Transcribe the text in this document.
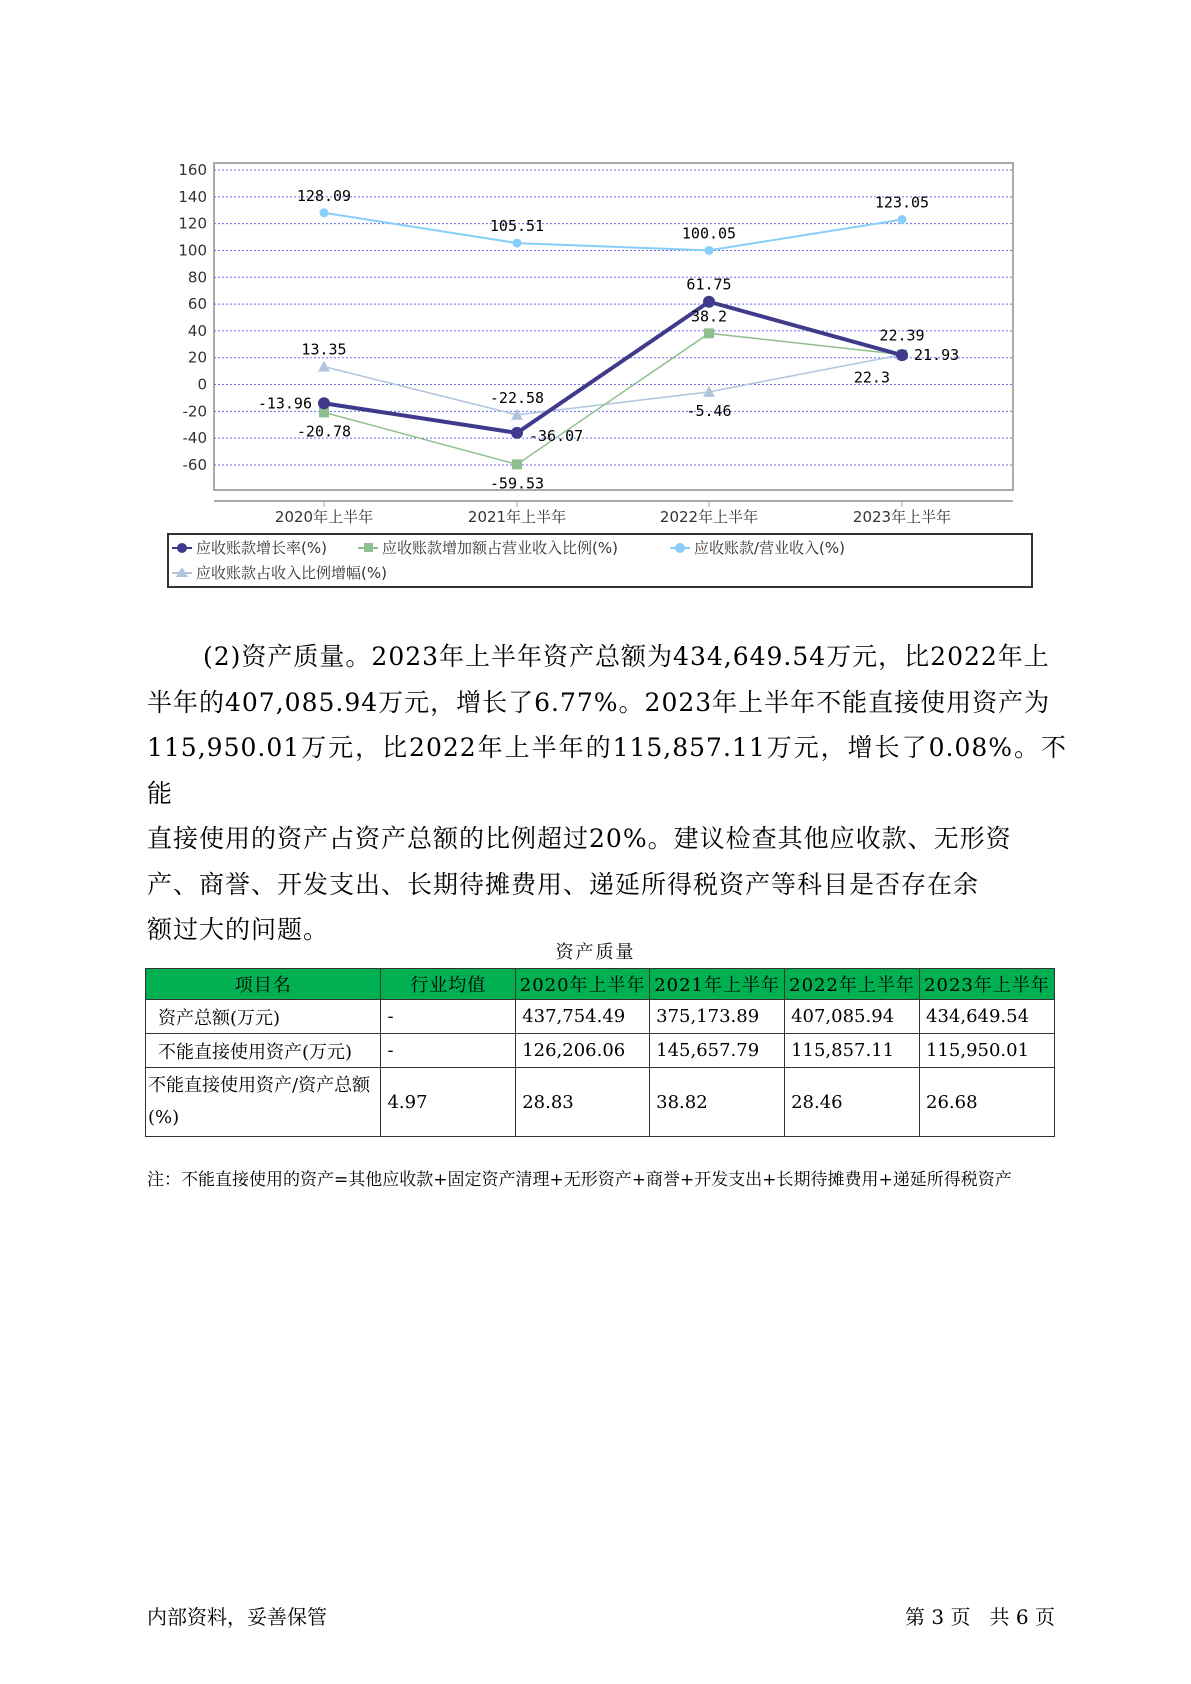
160
140
120
100
80
60
40
20
0
-20
-40
-60
2020年上半年	2021年上半年	2022年上半年	2023年上半年
128.09
105.51	100.05
123.05
13.35
-22.58
-5.46
22.3
-20.78
-59.53
38.2
22.39
-13.96
-36.07
61.75
21.93
应收账款增长率(%)	应收账款增加额占营业收入比例(%)	应收账款/营业收入(%)
应收账款占收入比例增幅(%)
(2)资产质量。2023年上半年资产总额为434,649.54万元，比2022年上
半年的407,085.94万元，增长了6.77%。2023年上半年不能直接使用资产为
115,950.01万元，比2022年上半年的115,857.11万元，增长了0.08%。不能
直接使用的资产占资产总额的比例超过20%。建议检查其他应收款、无形资
产、商誉、开发支出、长期待摊费用、递延所得税资产等科目是否存在余
额过大的问题。
资产质量
项目名	行业均值	2020年上半年	2021年上半年	2022年上半年	2023年上半年
资产总额(万元)	-	437,754.49	375,173.89	407,085.94	434,649.54
不能直接使用资产(万元)	-	126,206.06	145,657.79	115,857.11	115,950.01
不能直接使用资产/资产总额(%)	4.97	28.83	38.82	28.46	26.68
注：不能直接使用的资产=其他应收款+固定资产清理+无形资产+商誉+开发支出+长期待摊费用+递延所得税资产
内部资料，妥善保管	第 3 页   共 6 页
